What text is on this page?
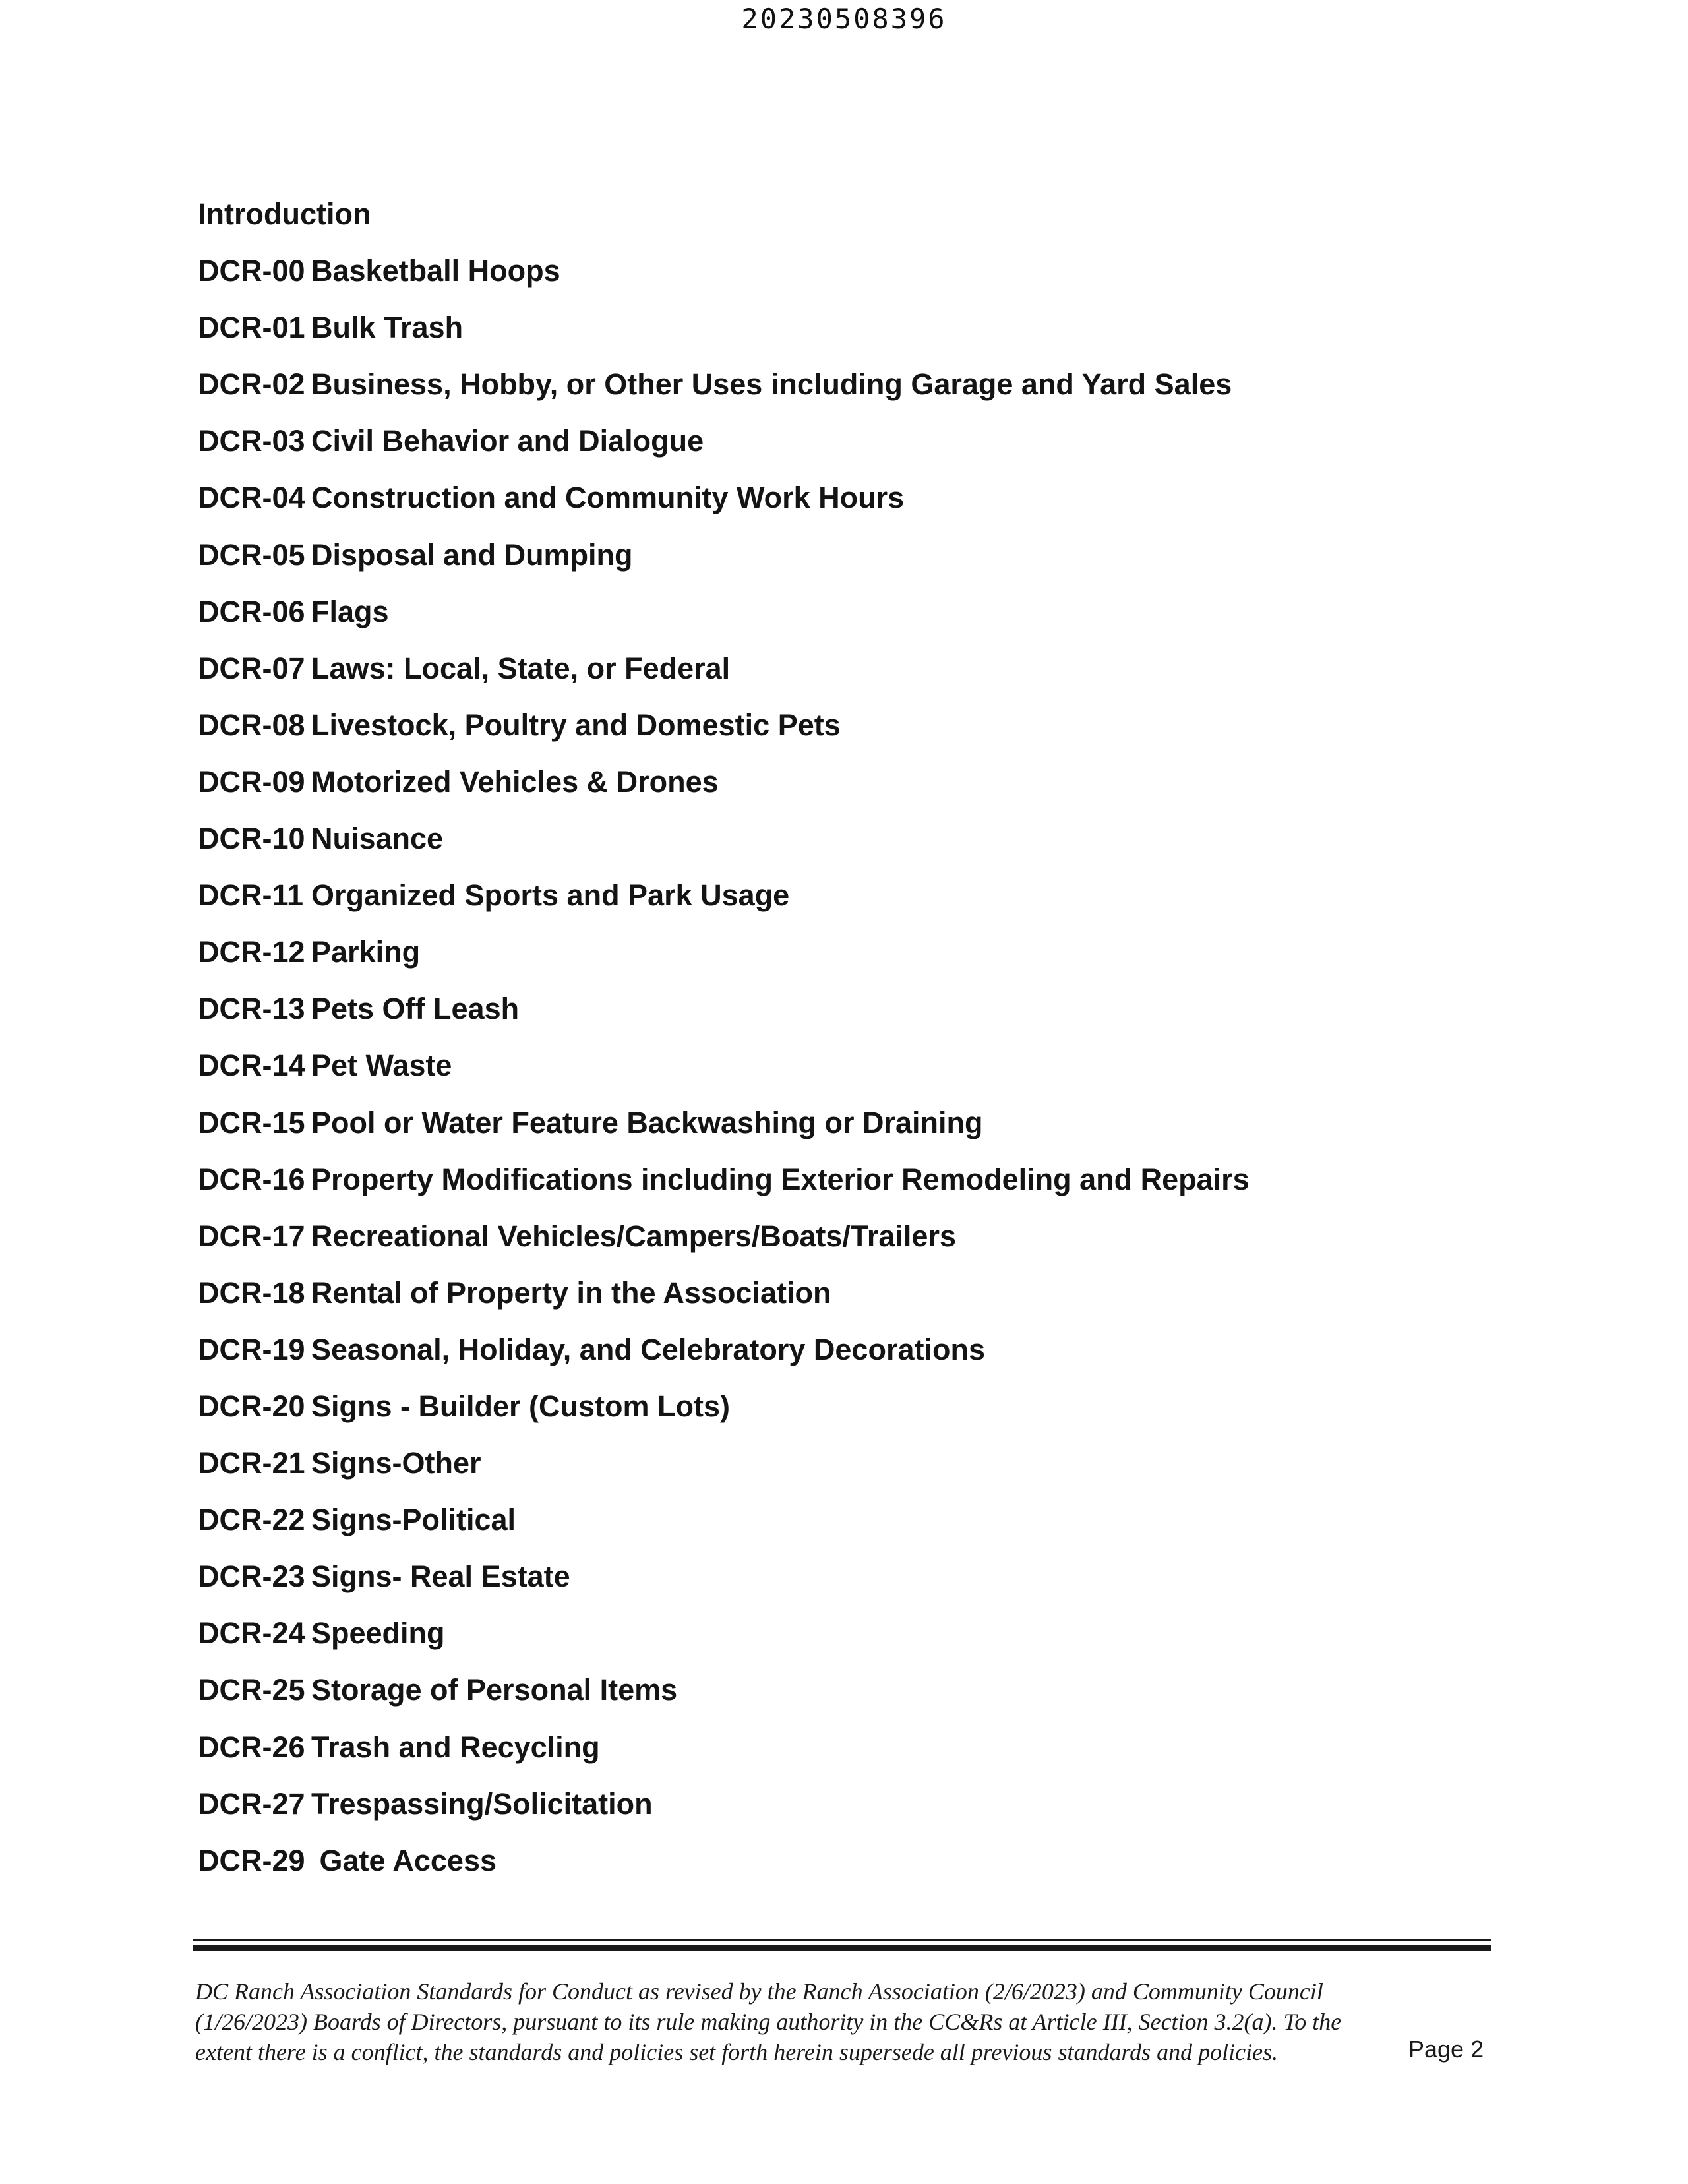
20230508396
Introduction
DCR-00 Basketball Hoops
DCR-01 Bulk Trash
DCR-02 Business, Hobby, or Other Uses including Garage and Yard Sales
DCR-03 Civil Behavior and Dialogue
DCR-04 Construction and Community Work Hours
DCR-05 Disposal and Dumping
DCR-06 Flags
DCR-07 Laws: Local, State, or Federal
DCR-08 Livestock, Poultry and Domestic Pets
DCR-09 Motorized Vehicles & Drones
DCR-10 Nuisance
DCR-11 Organized Sports and Park Usage
DCR-12 Parking
DCR-13 Pets Off Leash
DCR-14 Pet Waste
DCR-15 Pool or Water Feature Backwashing or Draining
DCR-16 Property Modifications including Exterior Remodeling and Repairs
DCR-17 Recreational Vehicles/Campers/Boats/Trailers
DCR-18 Rental of Property in the Association
DCR-19 Seasonal, Holiday, and Celebratory Decorations
DCR-20 Signs - Builder (Custom Lots)
DCR-21 Signs-Other
DCR-22 Signs-Political
DCR-23 Signs- Real Estate
DCR-24 Speeding
DCR-25 Storage of Personal Items
DCR-26 Trash and Recycling
DCR-27 Trespassing/Solicitation
DCR-29 Gate Access
DC Ranch Association Standards for Conduct as revised by the Ranch Association (2/6/2023) and Community Council
(1/26/2023) Boards of Directors, pursuant to its rule making authority in the CC&Rs at Article III, Section 3.2(a). To the
extent there is a conflict, the standards and policies set forth herein supersede all previous standards and policies.	Page 2
